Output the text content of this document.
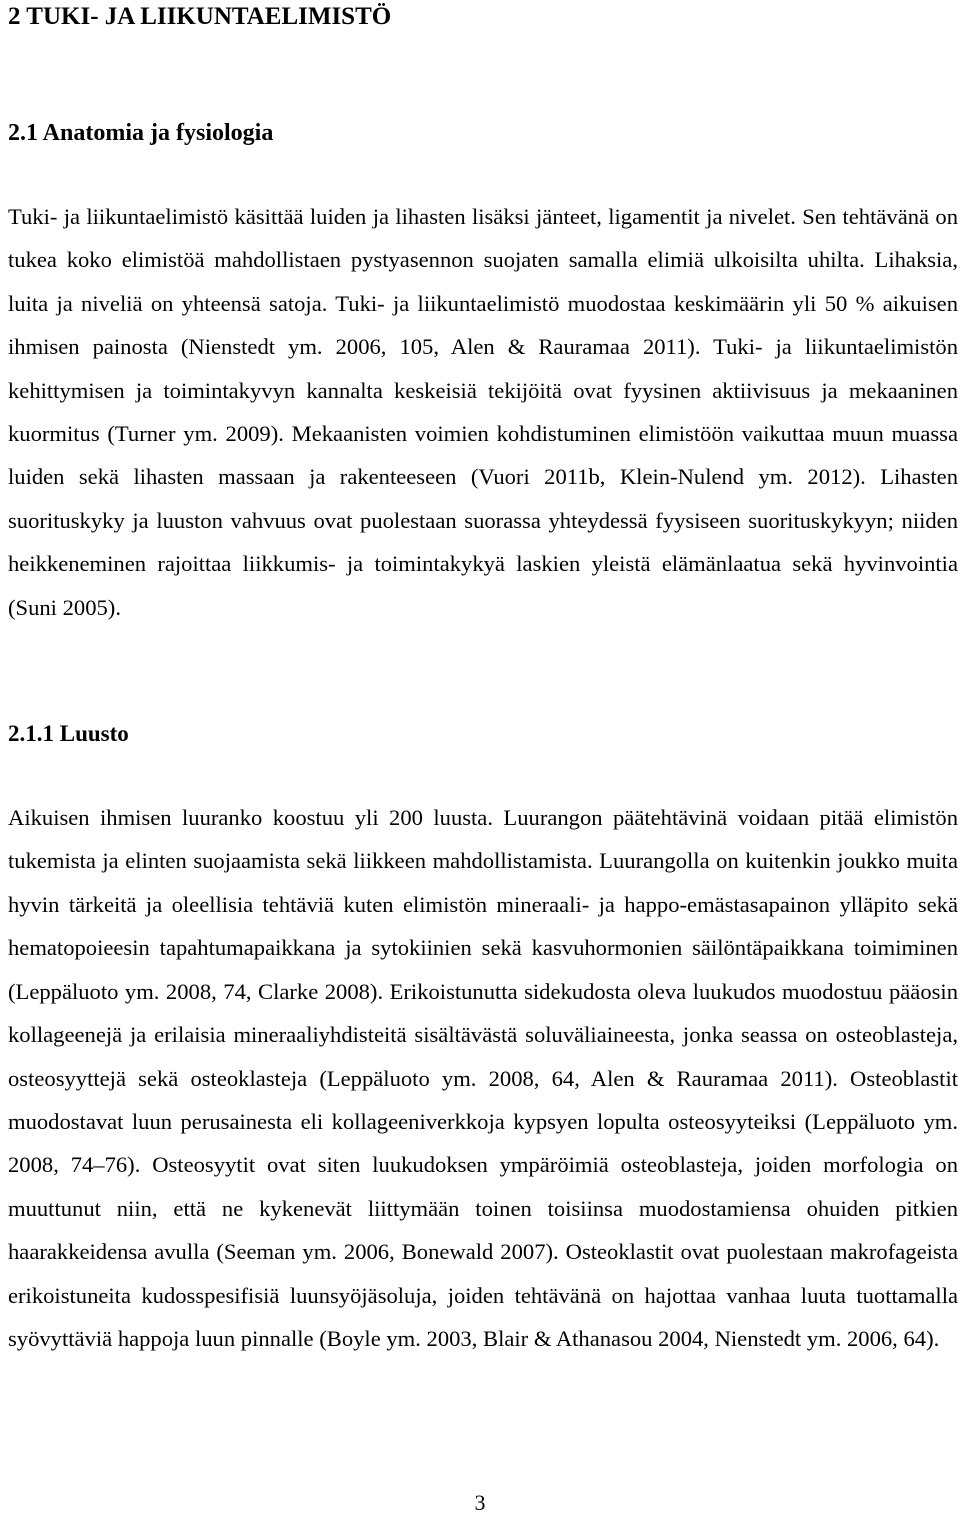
2 TUKI- JA LIIKUNTAELIMISTÖ
2.1 Anatomia ja fysiologia

Tuki- ja liikuntaelimistö käsittää luiden ja lihasten lisäksi jänteet, ligamentit ja nivelet. Sen tehtävänä on tukea koko elimistöä mahdollistaen pystyasennon suojaten samalla elimiä ulkoisilta uhilta. Lihaksia, luita ja niveliä on yhteensä satoja. Tuki- ja liikuntaelimistö muodostaa keskimäärin yli 50 % aikuisen ihmisen painosta (Nienstedt ym. 2006, 105, Alen & Rauramaa 2011). Tuki- ja liikuntaelimistön kehittymisen ja toimintakyvyn kannalta keskeisiä tekijöitä ovat fyysinen aktiivisuus ja mekaaninen kuormitus (Turner ym. 2009). Mekaanisten voimien kohdistuminen elimistöön vaikuttaa muun muassa luiden sekä lihasten massaan ja rakenteeseen (Vuori 2011b, Klein-Nulend ym. 2012). Lihasten suorituskyky ja luuston vahvuus ovat puolestaan suorassa yhteydessä fyysiseen suorituskykyyn; niiden heikkeneminen rajoittaa liikkumis- ja toimintakykyä laskien yleistä elämänlaatua sekä hyvinvointia (Suni 2005).

2.1.1 Luusto

Aikuisen ihmisen luuranko koostuu yli 200 luusta. Luurangon päätehtävinä voidaan pitää elimistön tukemista ja elinten suojaamista sekä liikkeen mahdollistamista. Luurangolla on kuitenkin joukko muita hyvin tärkeitä ja oleellisia tehtäviä kuten elimistön mineraali- ja happo-emästasapainon ylläpito sekä hematopoieesin tapahtumapaikkana ja sytokiinien sekä kasvuhormonien säilöntäpaikkana toimiminen (Leppäluoto ym. 2008, 74, Clarke 2008). Erikoistunutta sidekudosta oleva luukudos muodostuu pääosin kollageenejä ja erilaisia mineraaliyhdisteitä sisältävästä soluväliaineesta, jonka seassa on osteoblasteja, osteosyyttejä sekä osteoklasteja (Leppäluoto ym. 2008, 64, Alen & Rauramaa 2011). Osteoblastit muodostavat luun perusainesta eli kollageeniverkkoja kypsyen lopulta osteosyyteiksi (Leppäluoto ym. 2008, 74–76). Osteosyytit ovat siten luukudoksen ympäröimiä osteoblasteja, joiden morfologia on muuttunut niin, että ne kykenevät liittymään toinen toisiinsa muodostamiensa ohuiden pitkien haarakkeidensa avulla (Seeman ym. 2006, Bonewald 2007). Osteoklastit ovat puolestaan makrofageista erikoistuneita kudosspesifisiä luunsyöjäsoluja, joiden tehtävänä on hajottaa vanhaa luuta tuottamalla syövyttäviä happoja luun pinnalle (Boyle ym. 2003, Blair & Athanasou 2004, Nienstedt ym. 2006, 64).

3
